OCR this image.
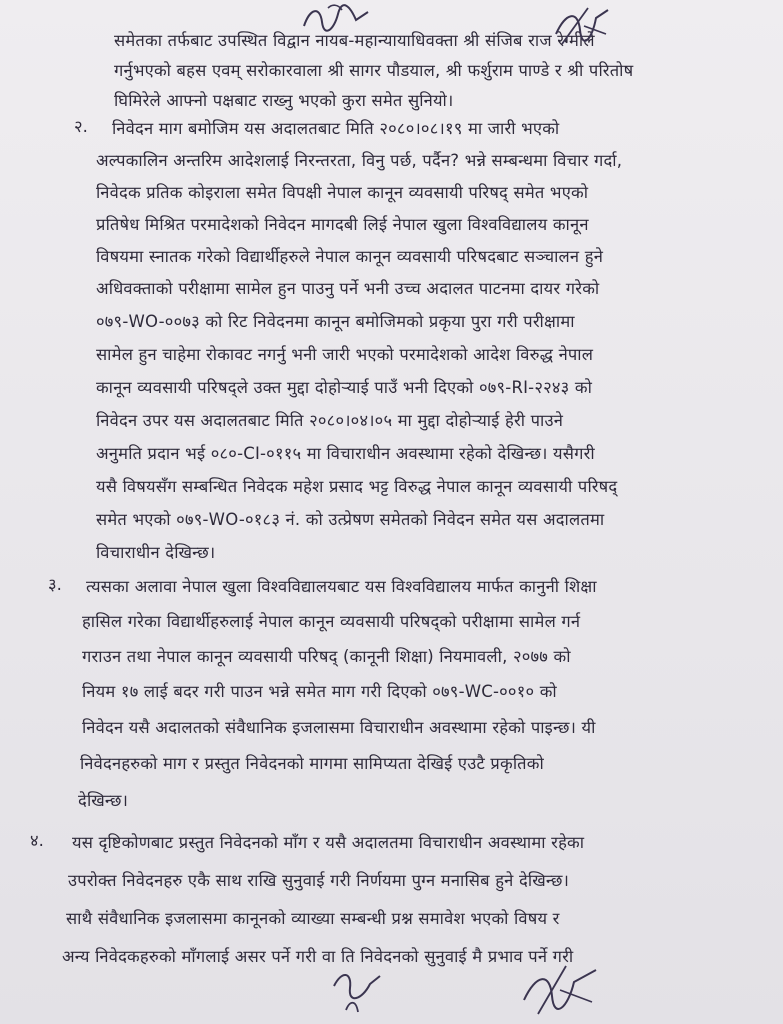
समेतका तर्फबाट उपस्थित विद्वान नायब-महान्यायाधिवक्ता श्री संजिब राज रेग्मीले
गर्नुभएको बहस एवम् सरोकारवाला श्री सागर पौडयाल, श्री फर्शुराम पाण्डे र श्री परितोष
घिमिरेले आफ्नो पक्षबाट राख्नु भएको कुरा समेत सुनियो।
२. निवेदन माग बमोजिम यस अदालतबाट मिति २०८०।०८।१९ मा जारी भएको
अल्पकालिन अन्तरिम आदेशलाई निरन्तरता, विनु पर्छ, पर्दैन? भन्ने सम्बन्धमा विचार गर्दा,
निवेदक प्रतिक कोइराला समेत विपक्षी नेपाल कानून व्यवसायी परिषद् समेत भएको
प्रतिषेध मिश्रित परमादेशको निवेदन मागदबी लिई नेपाल खुला विश्वविद्यालय कानून
विषयमा स्नातक गरेको विद्यार्थीहरुले नेपाल कानून व्यवसायी परिषदबाट सञ्चालन हुने
अधिवक्ताको परीक्षामा सामेल हुन पाउनु पर्ने भनी उच्च अदालत पाटनमा दायर गरेको
०७९-WO-००७३ को रिट निवेदनमा कानून बमोजिमको प्रकृया पुरा गरी परीक्षामा
सामेल हुन चाहेमा रोकावट नगर्नु भनी जारी भएको परमादेशको आदेश विरुद्ध नेपाल
कानून व्यवसायी परिषद्ले उक्त मुद्दा दोहोऱ्याई पाउँ भनी दिएको ०७९-RI-२२४३ को
निवेदन उपर यस अदालतबाट मिति २०८०।०४।०५ मा मुद्दा दोहोऱ्याई हेरी पाउने
अनुमति प्रदान भई ०८०-CI-०११५ मा विचाराधीन अवस्थामा रहेको देखिन्छ। यसैगरी
यसै विषयसँग सम्बन्धित निवेदक महेश प्रसाद भट्ट विरुद्ध नेपाल कानून व्यवसायी परिषद्
समेत भएको ०७९-WO-०१८३ नं. को उत्प्रेषण समेतको निवेदन समेत यस अदालतमा
विचाराधीन देखिन्छ।
३. त्यसका अलावा नेपाल खुला विश्वविद्यालयबाट यस विश्वविद्यालय मार्फत कानुनी शिक्षा
हासिल गरेका विद्यार्थीहरुलाई नेपाल कानून व्यवसायी परिषद्को परीक्षामा सामेल गर्न
गराउन तथा नेपाल कानून व्यवसायी परिषद् (कानूनी शिक्षा) नियमावली, २०७७ को
नियम १७ लाई बदर गरी पाउन भन्ने समेत माग गरी दिएको ०७९-WC-००१० को
निवेदन यसै अदालतको संवैधानिक इजलासमा विचाराधीन अवस्थामा रहेको पाइन्छ। यी
निवेदनहरुको माग र प्रस्तुत निवेदनको मागमा सामिप्यता देखिई एउटै प्रकृतिको
देखिन्छ।
४. यस दृष्टिकोणबाट प्रस्तुत निवेदनको माँग र यसै अदालतमा विचाराधीन अवस्थामा रहेका
उपरोक्त निवेदनहरु एकै साथ राखि सुनुवाई गरी निर्णयमा पुग्न मनासिब हुने देखिन्छ।
साथै संवैधानिक इजलासमा कानूनको व्याख्या सम्बन्धी प्रश्न समावेश भएको विषय र
अन्य निवेदकहरुको माँगलाई असर पर्ने गरी वा ति निवेदनको सुनुवाई मै प्रभाव पर्ने गरी
